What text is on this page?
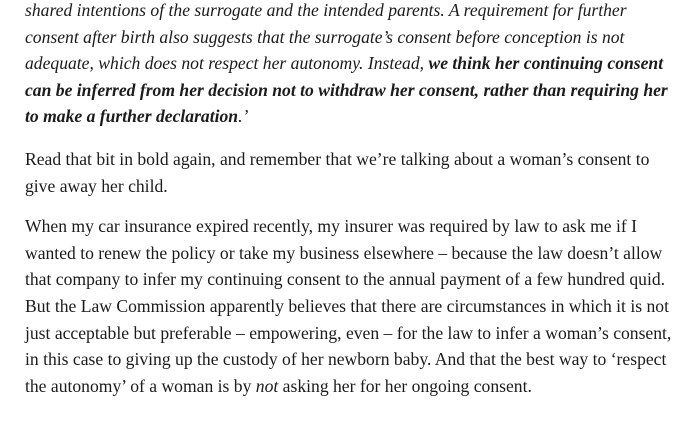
shared intentions of the surrogate and the intended parents. A requirement for further consent after birth also suggests that the surrogate’s consent before conception is not adequate, which does not respect her autonomy. Instead, we think her continuing consent can be inferred from her decision not to withdraw her consent, rather than requiring her to make a further declaration.’

Read that bit in bold again, and remember that we’re talking about a woman’s consent to give away her child.

When my car insurance expired recently, my insurer was required by law to ask me if I wanted to renew the policy or take my business elsewhere – because the law doesn’t allow that company to infer my continuing consent to the annual payment of a few hundred quid. But the Law Commission apparently believes that there are circumstances in which it is not just acceptable but preferable – empowering, even – for the law to infer a woman’s consent, in this case to giving up the custody of her newborn baby. And that the best way to ‘respect the autonomy’ of a woman is by not asking her for her ongoing consent.
